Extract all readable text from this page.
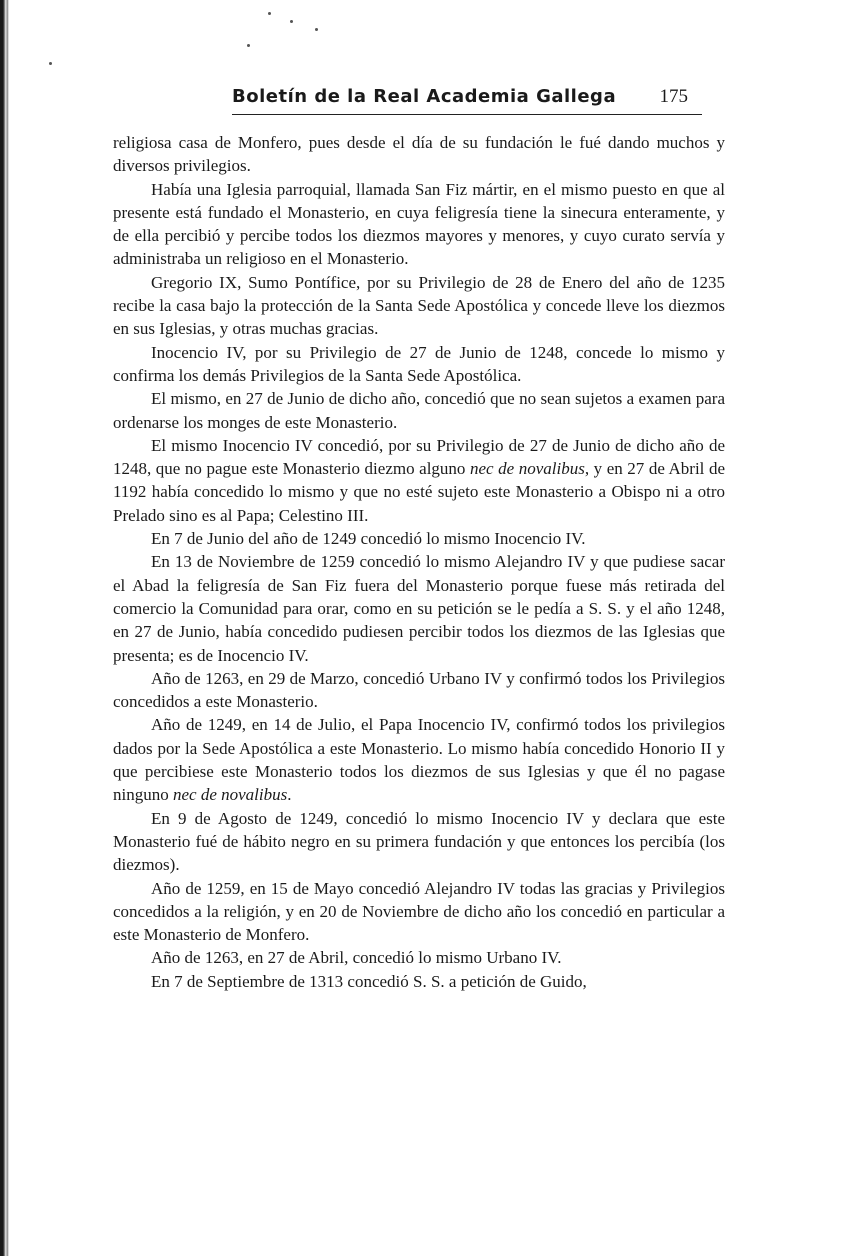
Boletín de la Real Academia Gallega 175

religiosa casa de Monfero, pues desde el día de su fundación le fué dando muchos y diversos privilegios.

Había una Iglesia parroquial, llamada San Fiz mártir, en el mismo puesto en que al presente está fundado el Monasterio, en cuya feligresía tiene la sinecura enteramente, y de ella percibió y percibe todos los diezmos mayores y menores, y cuyo curato servía y administraba un religioso en el Monasterio.

Gregorio IX, Sumo Pontífice, por su Privilegio de 28 de Enero del año de 1235 recibe la casa bajo la protección de la Santa Sede Apostólica y concede lleve los diezmos en sus Iglesias, y otras muchas gracias.

Inocencio IV, por su Privilegio de 27 de Junio de 1248, concede lo mismo y confirma los demás Privilegios de la Santa Sede Apostólica.

El mismo, en 27 de Junio de dicho año, concedió que no sean sujetos a examen para ordenarse los monges de este Monasterio.

El mismo Inocencio IV concedió, por su Privilegio de 27 de Junio de dicho año de 1248, que no pague este Monasterio diezmo alguno nec de novalibus, y en 27 de Abril de 1192 había concedido lo mismo y que no esté sujeto este Monasterio a Obispo ni a otro Prelado sino es al Papa; Celestino III.

En 7 de Junio del año de 1249 concedió lo mismo Inocencio IV.

En 13 de Noviembre de 1259 concedió lo mismo Alejandro IV y que pudiese sacar el Abad la feligresía de San Fiz fuera del Monasterio porque fuese más retirada del comercio la Comunidad para orar, como en su petición se le pedía a S. S. y el año 1248, en 27 de Junio, había concedido pudiesen percibir todos los diezmos de las Iglesias que presenta; es de Inocencio IV.

Año de 1263, en 29 de Marzo, concedió Urbano IV y confirmó todos los Privilegios concedidos a este Monasterio.

Año de 1249, en 14 de Julio, el Papa Inocencio IV, confirmó todos los privilegios dados por la Sede Apostólica a este Monasterio. Lo mismo había concedido Honorio II y que percibiese este Monasterio todos los diezmos de sus Iglesias y que él no pagase ninguno nec de novalibus.

En 9 de Agosto de 1249, concedió lo mismo Inocencio IV y declara que este Monasterio fué de hábito negro en su primera fundación y que entonces los percibía (los diezmos).

Año de 1259, en 15 de Mayo concedió Alejandro IV todas las gracias y Privilegios concedidos a la religión, y en 20 de Noviembre de dicho año los concedió en particular a este Monasterio de Monfero.

Año de 1263, en 27 de Abril, concedió lo mismo Urbano IV.

En 7 de Septiembre de 1313 concedió S. S. a petición de Guido,
